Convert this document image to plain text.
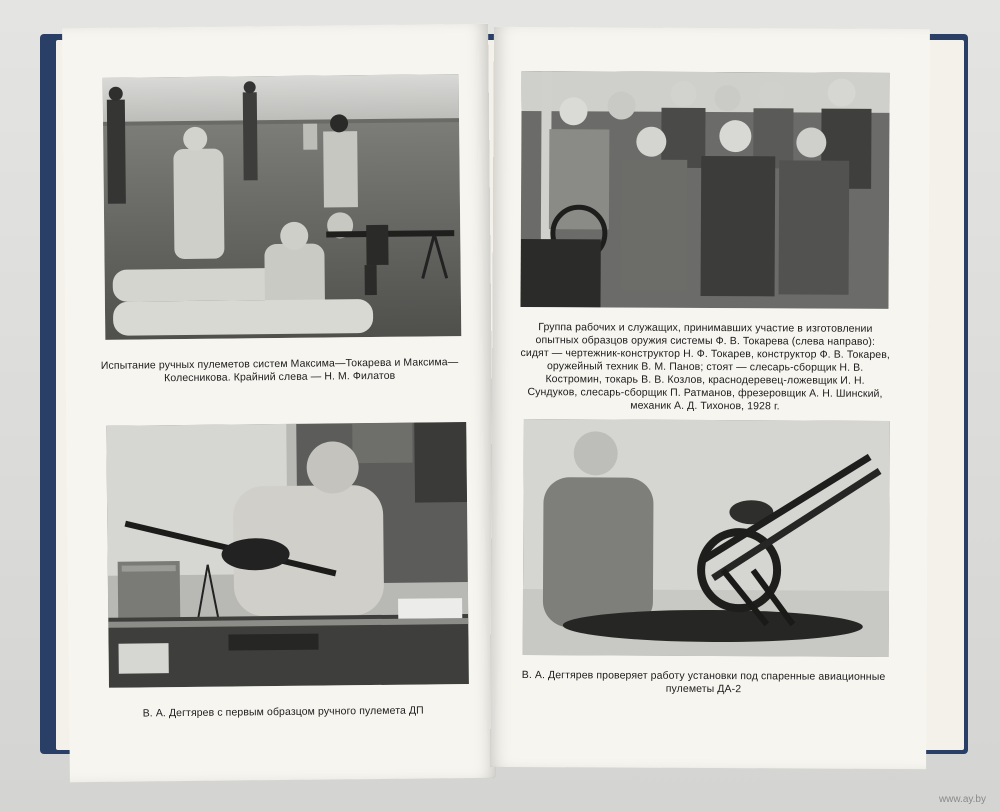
Испытание ручных пулеметов систем Максима—Токарева и Максима—Колесникова. Крайний слева — Н. М. Филатов
В. А. Дегтярев с первым образцом ручного пулемета ДП
Группа рабочих и служащих, принимавших участие в изготовлении опытных образцов оружия системы Ф. В. Токарева (слева направо): сидят — чертежник-конструктор Н. Ф. Токарев, конструктор Ф. В. Токарев, оружейный техник В. М. Панов; стоят — слесарь-сборщик Н. В. Костромин, токарь В. В. Козлов, краснодеревец-ложевщик И. Н. Сундуков, слесарь-сборщик П. Ратманов, фрезеровщик А. Н. Шинский, механик А. Д. Тихонов, 1928 г.
В. А. Дегтярев проверяет работу установки под спаренные авиационные пулеметы ДА-2
www.ay.by
